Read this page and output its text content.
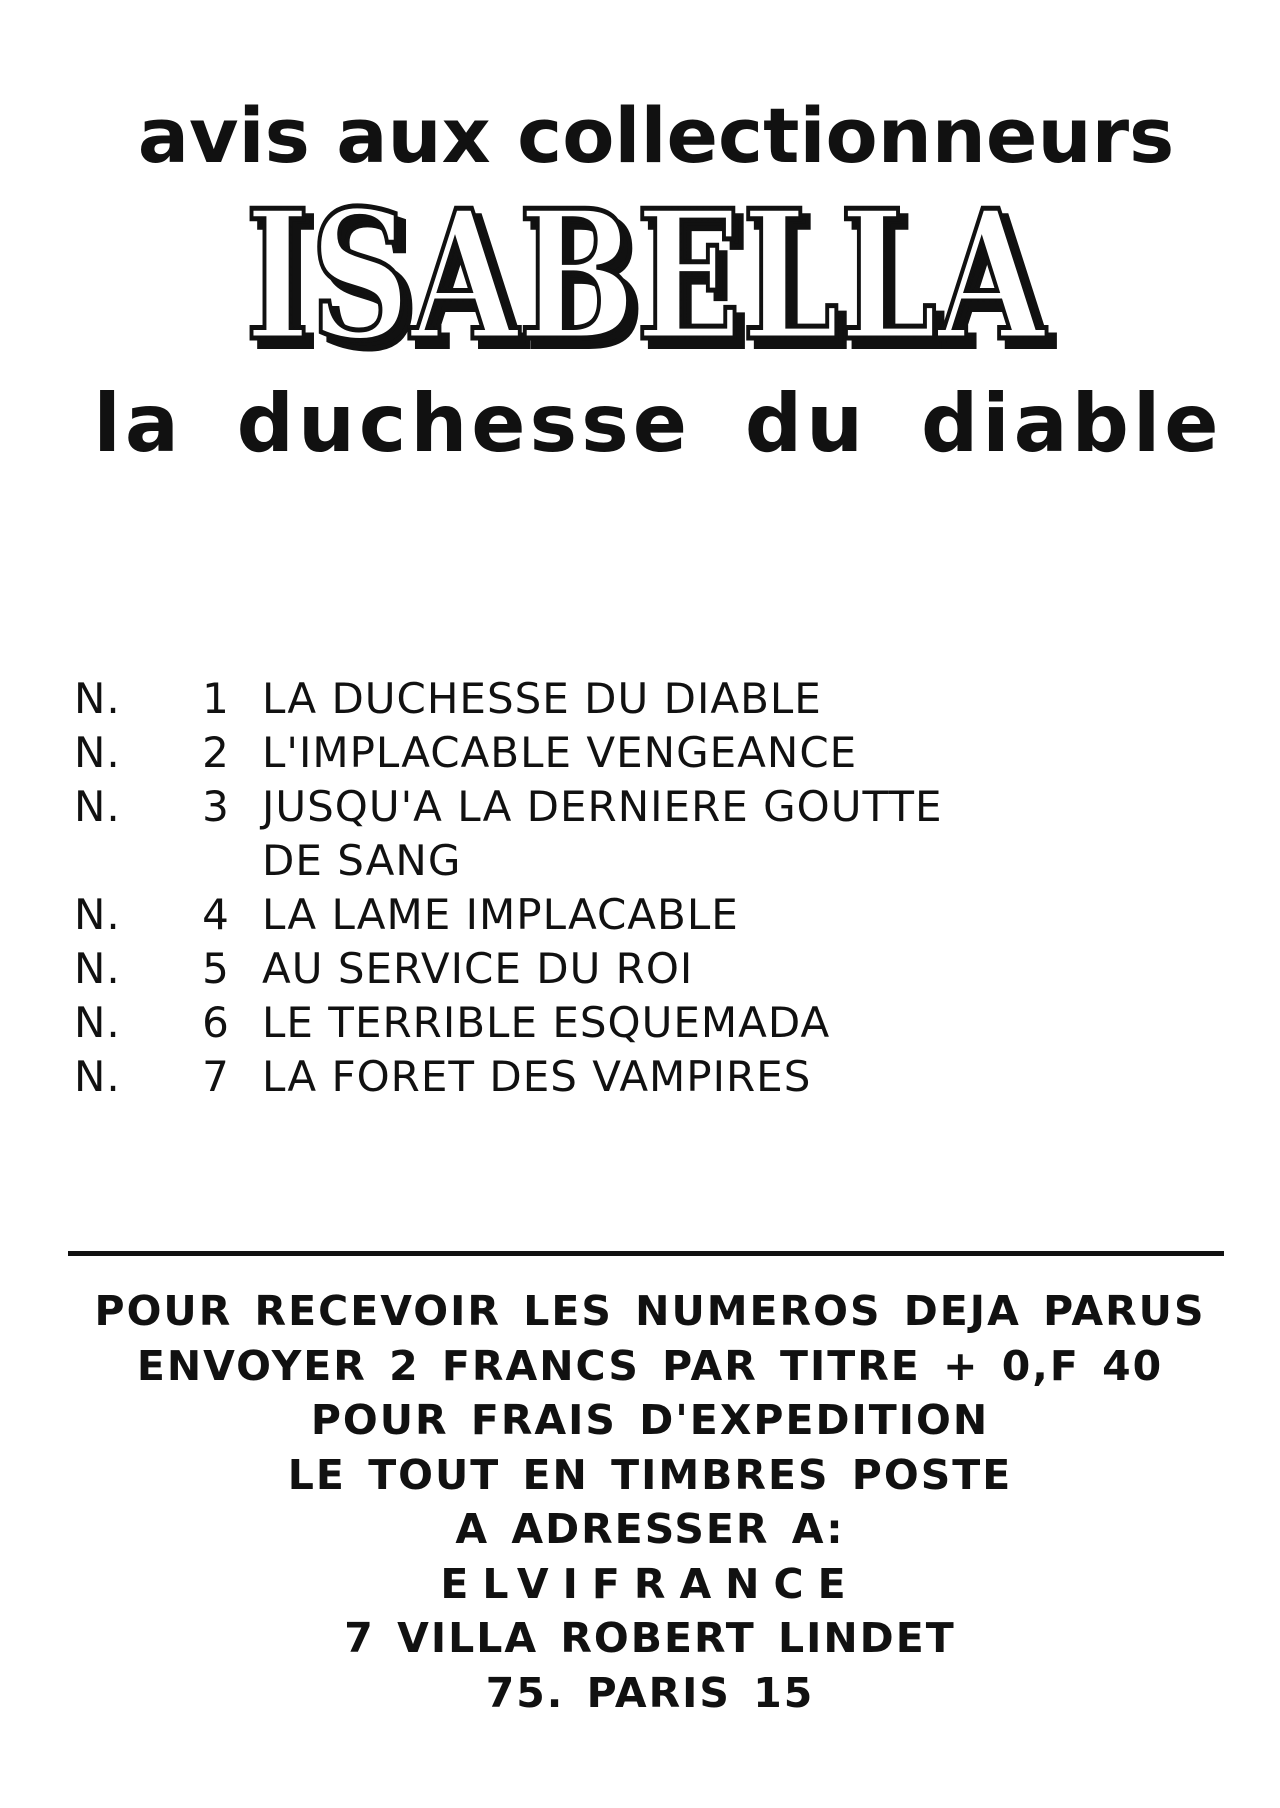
avis aux collectionneurs
ISABELLA
ISABELLA
ISABELLA
la duchesse du diable
N.	1 LA DUCHESSE DU DIABLE
N.	2 L'IMPLACABLE VENGEANCE
N.	3 JUSQU'A LA DERNIERE GOUTTE
DE SANG
N.	4 LA LAME IMPLACABLE
N.	5 AU SERVICE DU ROI
N.	6 LE TERRIBLE ESQUEMADA
N.	7 LA FORET DES VAMPIRES
POUR RECEVOIR LES NUMEROS DEJA PARUS
ENVOYER 2 FRANCS PAR TITRE + 0,F 40
POUR FRAIS D'EXPEDITION
LE TOUT EN TIMBRES POSTE
A ADRESSER A:
ELVIFRANCE
7 VILLA ROBERT LINDET
75. PARIS 15
